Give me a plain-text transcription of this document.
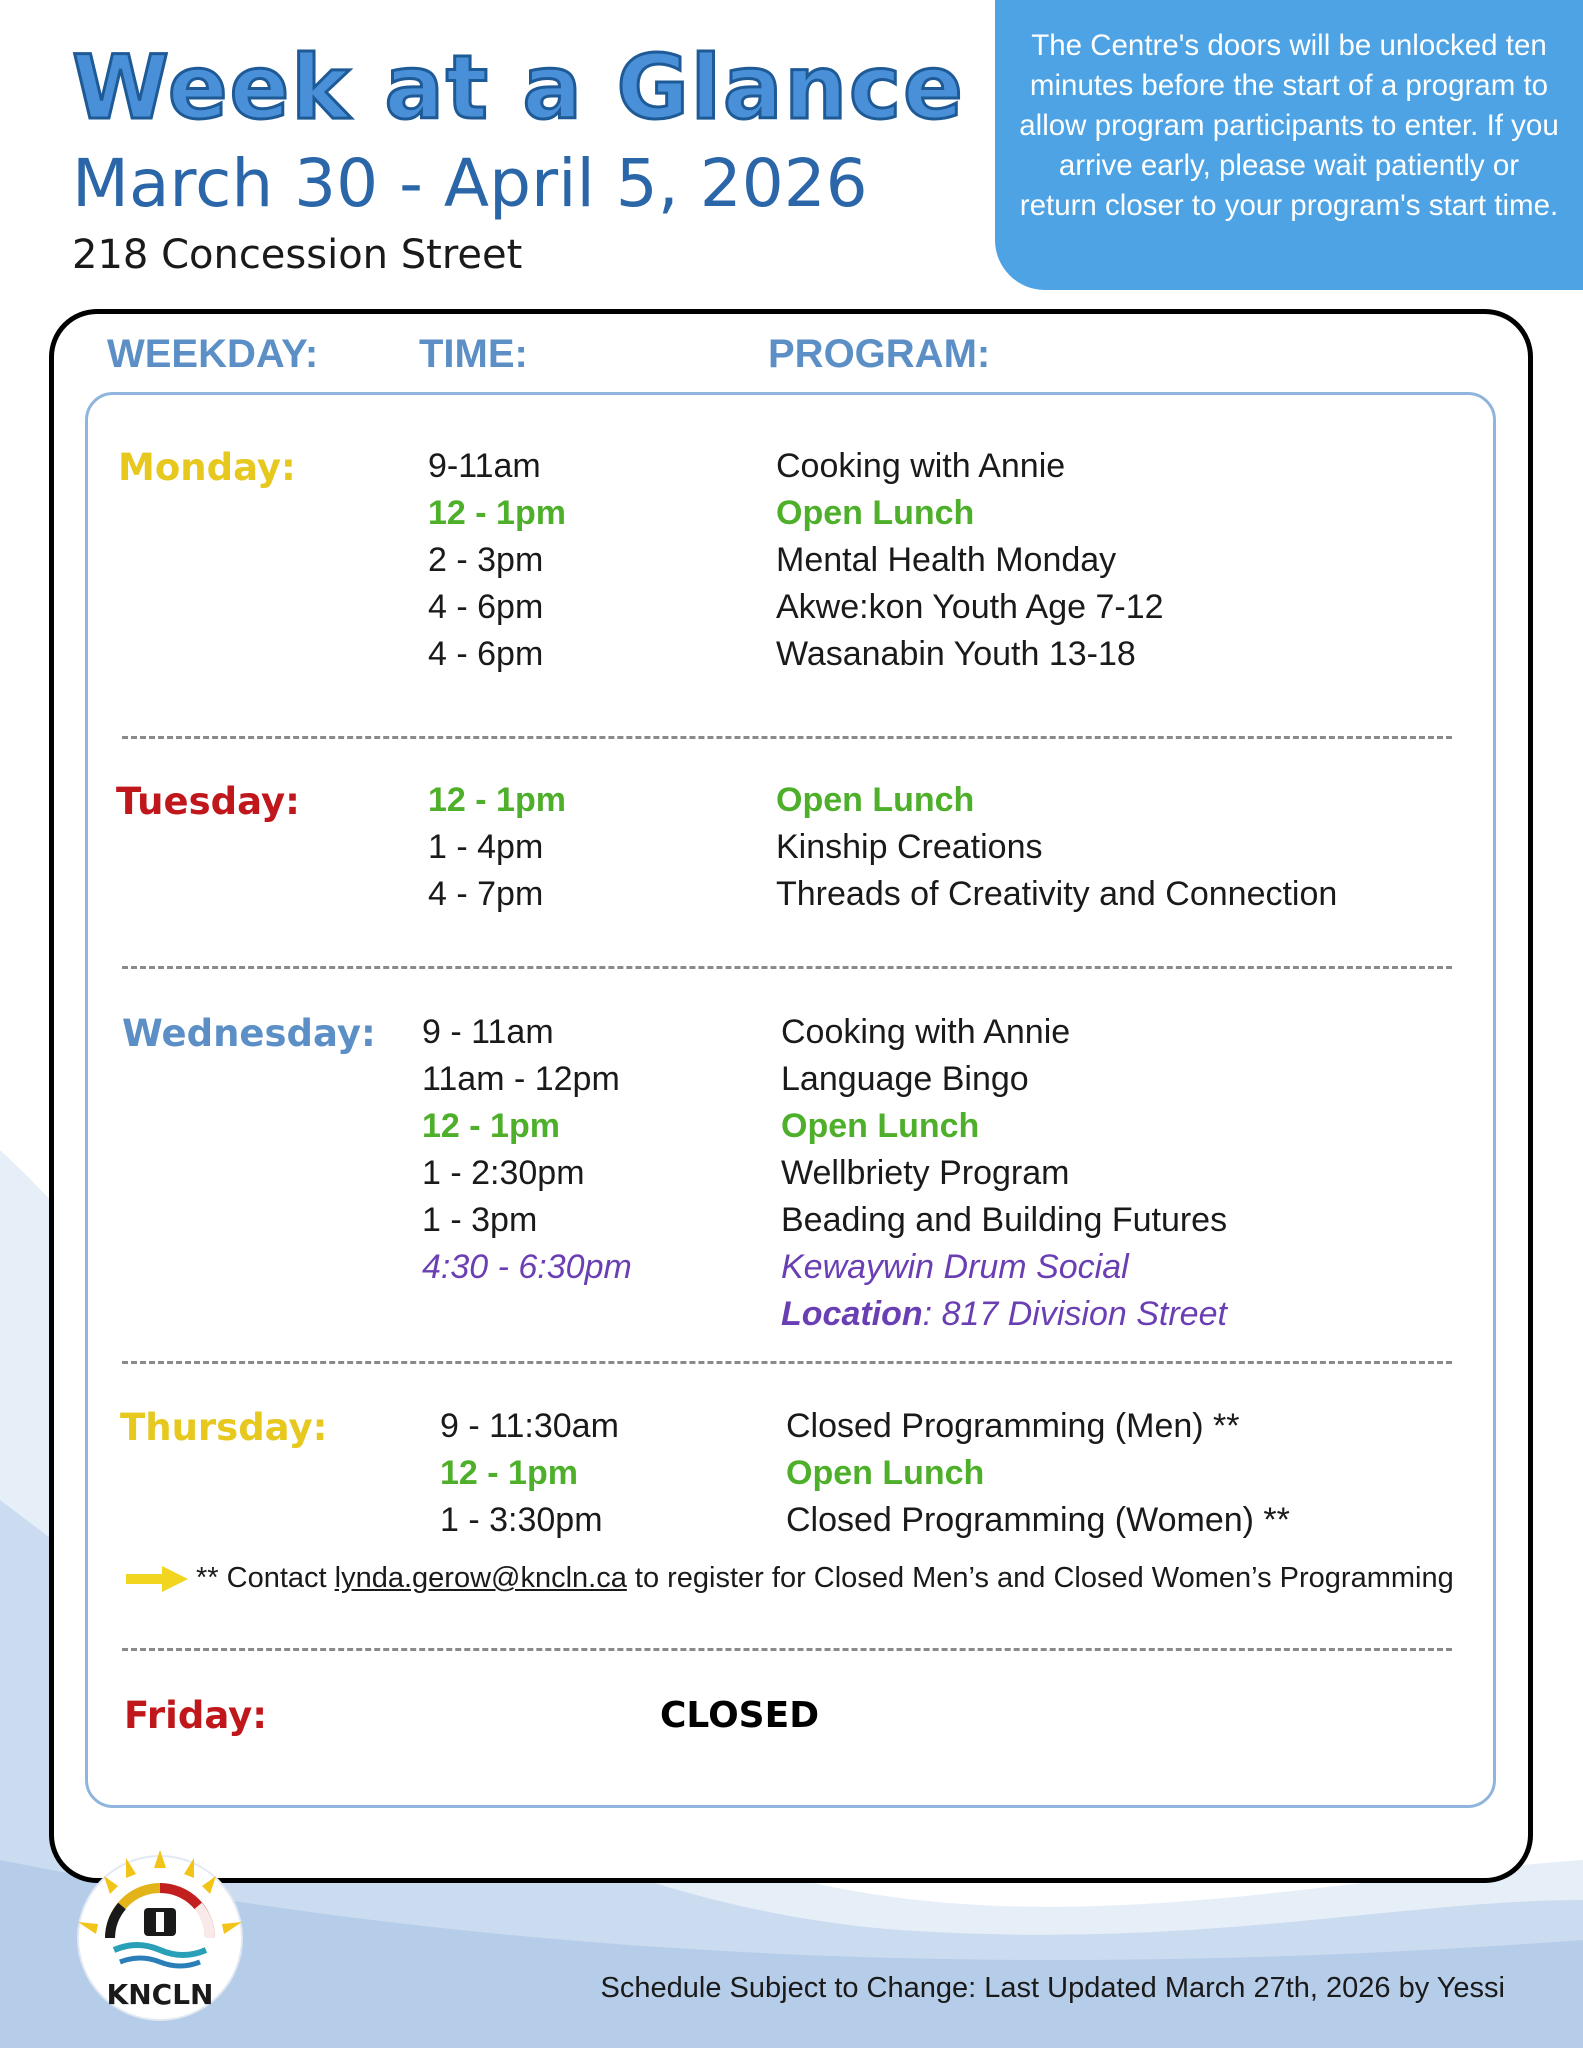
Week at a Glance
March 30 - April 5, 2026
218 Concession Street
The Centre's doors will be unlocked ten minutes before the start of a program to allow program participants to enter. If you arrive early, please wait patiently or return closer to your program's start time.
WEEKDAY:	TIME:	PROGRAM:
Monday:	9-11am	Cooking with Annie
12 - 1pm	Open Lunch
2 - 3pm	Mental Health Monday
4 - 6pm	Akwe:kon Youth Age 7-12
4 - 6pm	Wasanabin Youth 13-18
Tuesday:	12 - 1pm	Open Lunch
1 - 4pm	Kinship Creations
4 - 7pm	Threads of Creativity and Connection
Wednesday: 9 - 11am	Cooking with Annie
11am - 12pm	Language Bingo
12 - 1pm	Open Lunch
1 - 2:30pm	Wellbriety Program
1 - 3pm	Beading and Building Futures
4:30 - 6:30pm	Kewaywin Drum Social
Location: 817 Division Street
Thursday:	9 - 11:30am	Closed Programming (Men) **
12 - 1pm	Open Lunch
1 - 3:30pm	Closed Programming (Women) **
** Contact lynda.gerow@kncln.ca to register for Closed Men’s and Closed Women’s Programming
Friday:	CLOSED
KNCLN	Schedule Subject to Change: Last Updated March 27th, 2026 by Yessi
